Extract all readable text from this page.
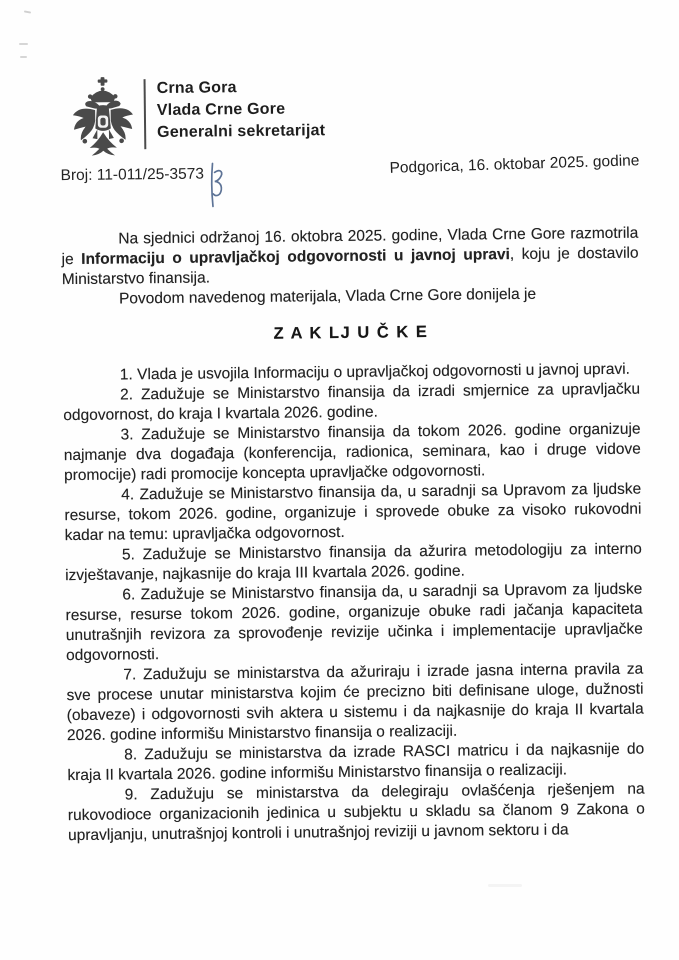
Crna Gora
Vlada Crne Gore
Generalni sekretarijat
Broj: 11-011/25-3573	Podgorica, 16. oktobar 2025. godine

Na sjednici održanoj 16. oktobra 2025. godine, Vlada Crne Gore razmotrila je Informaciju o upravljačkoj odgovornosti u javnoj upravi, koju je dostavilo Ministarstvo finansija.

Povodom navedenog materijala, Vlada Crne Gore donijela je

Z A K LJ U Č K E

1. Vlada je usvojila Informaciju o upravljačkoj odgovornosti u javnoj upravi.

2. Zadužuje se Ministarstvo finansija da izradi smjernice za upravljačku odgovornost, do kraja I kvartala 2026. godine.

3. Zadužuje se Ministarstvo finansija da tokom 2026. godine organizuje najmanje dva događaja (konferencija, radionica, seminara, kao i druge vidove promocije) radi promocije koncepta upravljačke odgovornosti.

4. Zadužuje se Ministarstvo finansija da, u saradnji sa Upravom za ljudske resurse, tokom 2026. godine, organizuje i sprovede obuke za visoko rukovodni kadar na temu: upravljačka odgovornost.

5. Zadužuje se Ministarstvo finansija da ažurira metodologiju za interno izvještavanje, najkasnije do kraja III kvartala 2026. godine.

6. Zadužuje se Ministarstvo finansija da, u saradnji sa Upravom za ljudske resurse, resurse tokom 2026. godine, organizuje obuke radi jačanja kapaciteta unutrašnjih revizora za sprovođenje revizije učinka i implementacije upravljačke odgovornosti.

7. Zadužuju se ministarstva da ažuriraju i izrade jasna interna pravila za sve procese unutar ministarstva kojim će precizno biti definisane uloge, dužnosti (obaveze) i odgovornosti svih aktera u sistemu i da najkasnije do kraja II kvartala 2026. godine informišu Ministarstvo finansija o realizaciji.

8. Zadužuju se ministarstva da izrade RASCI matricu i da najkasnije do kraja II kvartala 2026. godine informišu Ministarstvo finansija o realizaciji.

9. Zadužuju se ministarstva da delegiraju ovlašćenja rješenjem na rukovodioce organizacionih jedinica u subjektu u skladu sa članom 9 Zakona o upravljanju, unutrašnjoj kontroli i unutrašnjoj reviziji u javnom sektoru i da
